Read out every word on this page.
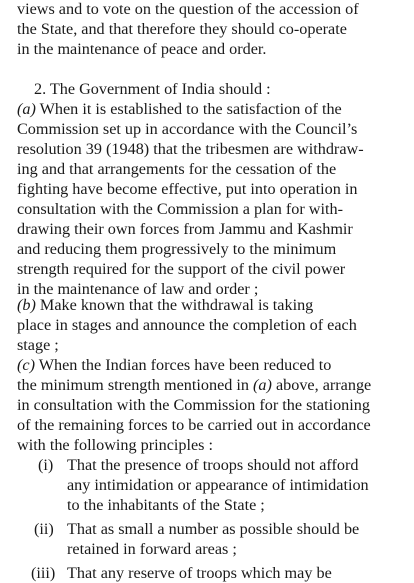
views and to vote on the question of the accession of
the State, and that therefore they should co-operate
in the maintenance of peace and order.
2. The Government of India should :
(a) When it is established to the satisfaction of the
Commission set up in accordance with the Council’s
resolution 39 (1948) that the tribesmen are withdraw-
ing and that arrangements for the cessation of the
fighting have become effective, put into operation in
consultation with the Commission a plan for with-
drawing their own forces from Jammu and Kashmir
and reducing them progressively to the minimum
strength required for the support of the civil power
in the maintenance of law and order ;
(b) Make known that the withdrawal is taking
place in stages and announce the completion of each
stage ;
(c) When the Indian forces have been reduced to
the minimum strength mentioned in (a) above, arrange
in consultation with the Commission for the stationing
of the remaining forces to be carried out in accordance
with the following principles :
(i) That the presence of troops should not afford
any intimidation or appearance of intimidation
to the inhabitants of the State ;
(ii) That as small a number as possible should be
retained in forward areas ;
(iii) That any reserve of troops which may be
